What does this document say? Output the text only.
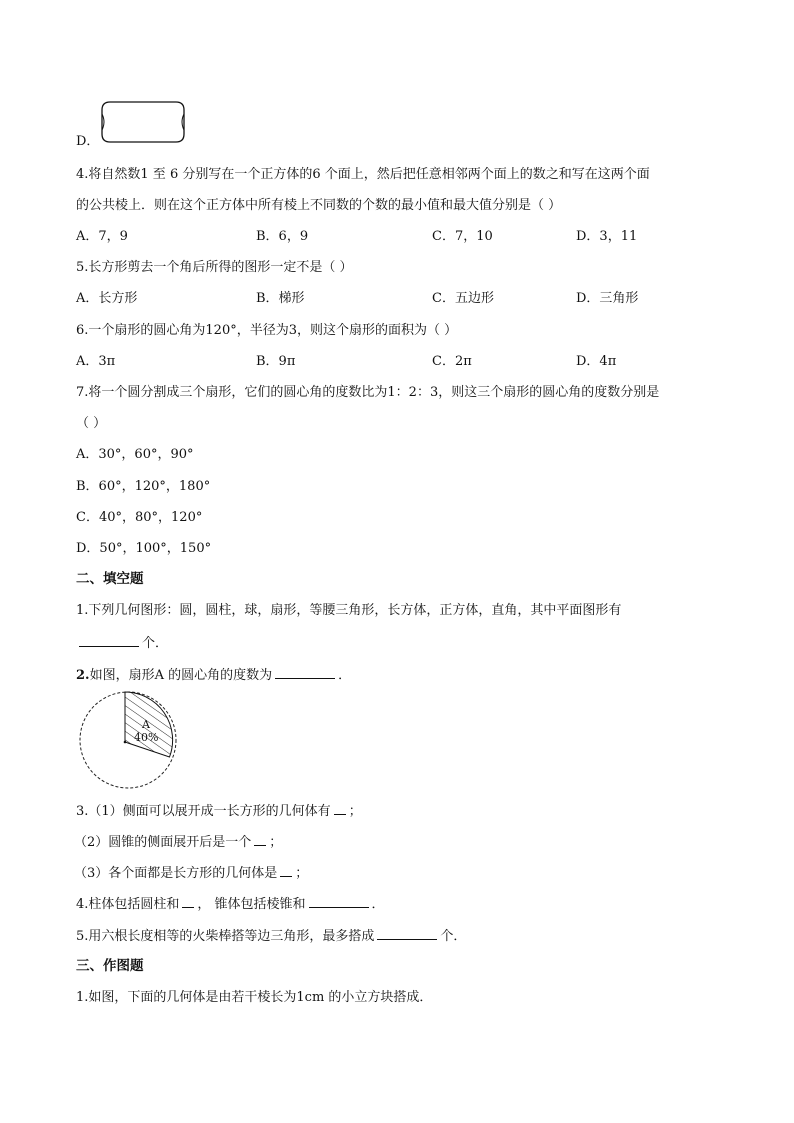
D．
4.将自然数1 至 6 分别写在一个正方体的6 个面上，然后把任意相邻两个面上的数之和写在这两个面
的公共棱上．则在这个正方体中所有棱上不同数的个数的最小值和最大值分别是（ ）
A．7，9	B．6，9	C．7，10	D．3，11
5.长方形剪去一个角后所得的图形一定不是（ ）
A．长方形	B．梯形	C．五边形	D．三角形
6.一个扇形的圆心角为120°，半径为3，则这个扇形的面积为（ ）
A．3π	B．9π	C．2π	D．4π
7.将一个圆分割成三个扇形，它们的圆心角的度数比为1：2：3，则这三个扇形的圆心角的度数分别是
（ ）
A．30°，60°，90°
B．60°，120°，180°
C．40°，80°，120°
D．50°，100°，150°
二、填空题
1.下列几何图形：圆，圆柱，球，扇形，等腰三角形，长方体，正方体，直角，其中平面图形有
个．
2.如图，扇形A 的圆心角的度数为	．
A
40%
3.（1）侧面可以展开成一长方形的几何体有 ；
（2）圆锥的侧面展开后是一个 ；
（3）各个面都是长方形的几何体是 ；
4.柱体包括圆柱和 ， 锥体包括棱锥和	．
5.用六根长度相等的火柴棒搭等边三角形，最多搭成	个．
三、作图题
1.如图，下面的几何体是由若干棱长为1cm 的小立方块搭成．
